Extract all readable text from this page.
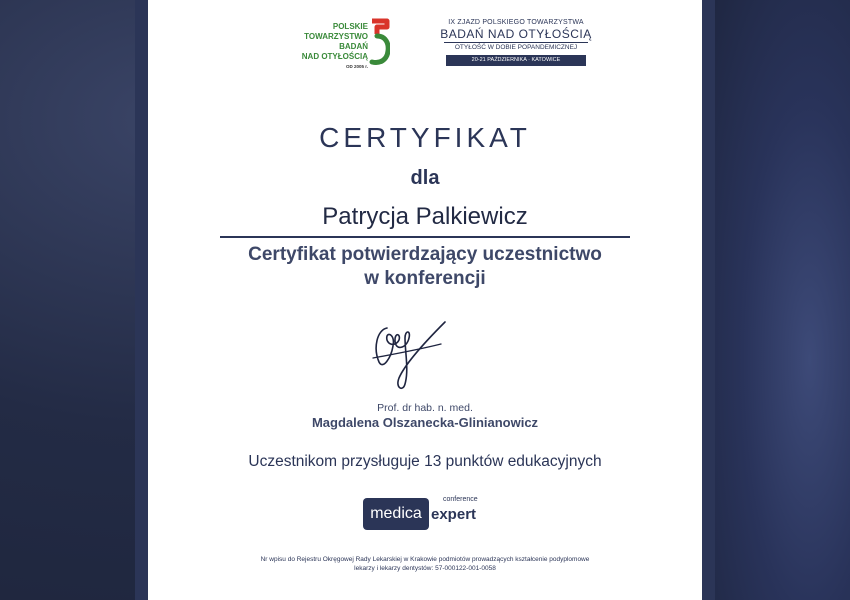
POLSKIE
TOWARZYSTWO
BADAŃ
NAD OTYŁOŚCIĄ
OD 2005 r.
IX ZJAZD POLSKIEGO TOWARZYSTWA
BADAŃ NAD OTYŁOŚCIĄ
OTYŁOŚĆ W DOBIE POPANDEMICZNEJ
20-21 PAŹDZIERNIKA · KATOWICE
CERTYFIKAT
dla
Patrycja Palkiewicz
Certyfikat potwierdzający uczestnictwo
w konferencji
Prof. dr hab. n. med.
Magdalena Olszanecka-Glinianowicz
Uczestnikom przysługuje 13 punktów edukacyjnych
medica
conference
expert
Nr wpisu do Rejestru Okręgowej Rady Lekarskiej w Krakowie podmiotów prowadzących kształcenie podyplomowe
lekarzy i lekarzy dentystów: 57-000122-001-0058
